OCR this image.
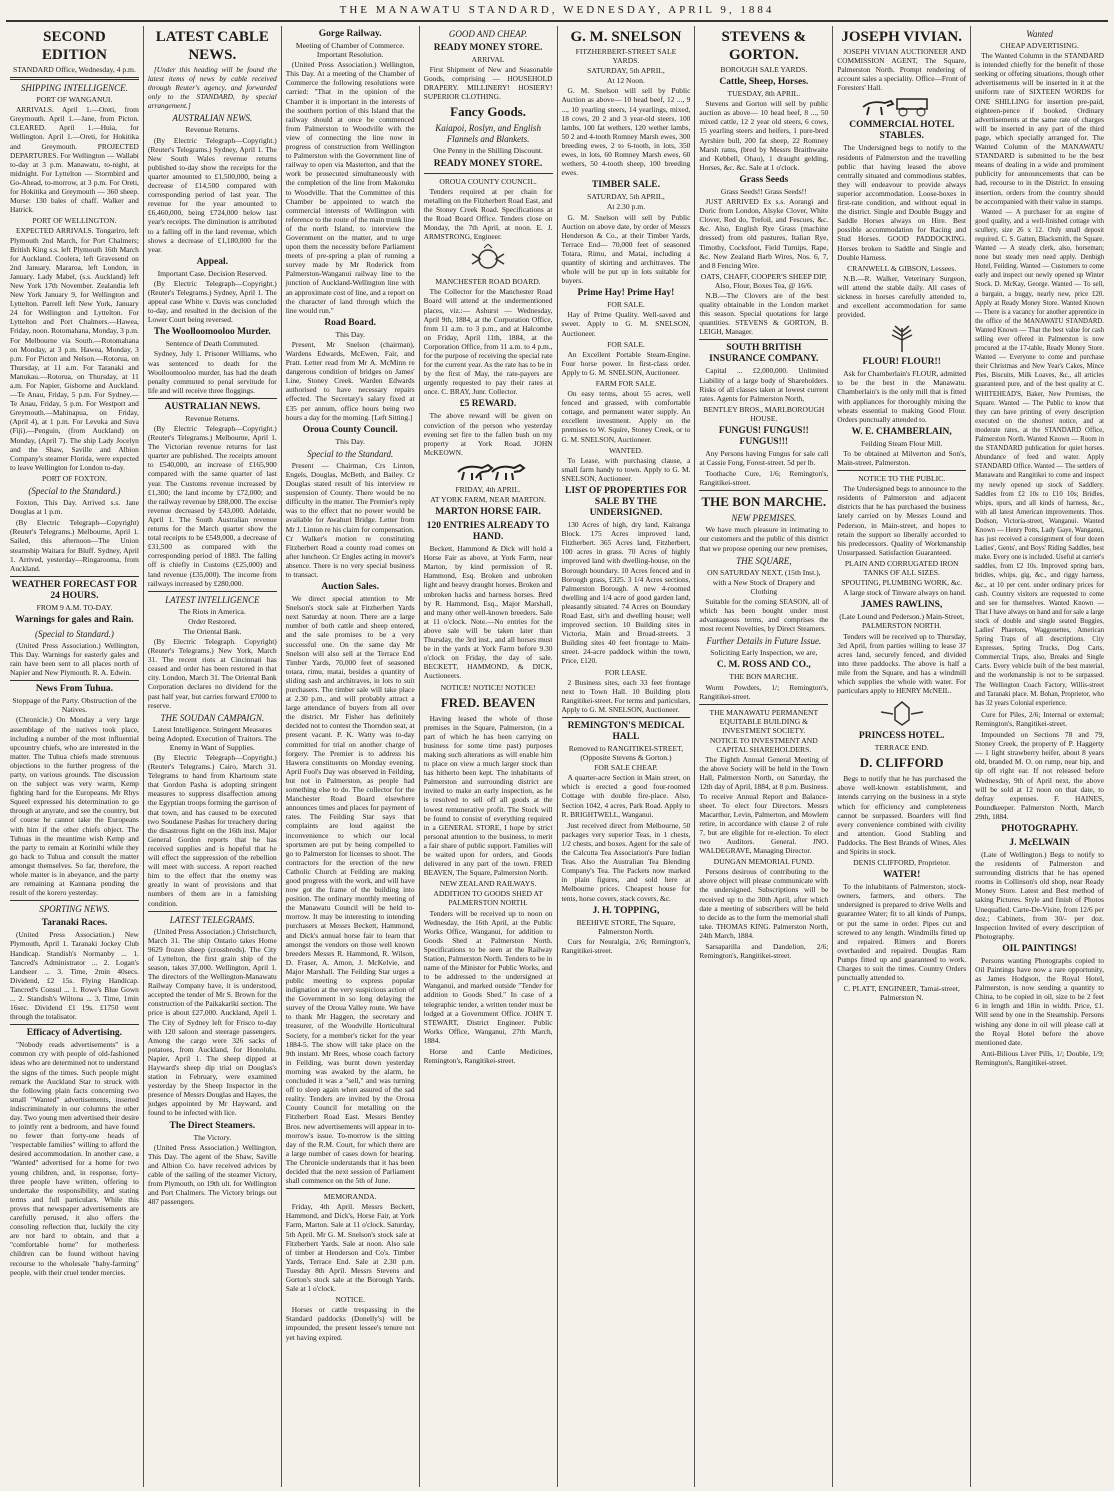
THE MANAWATU STANDARD, WEDNESDAY, APRIL 9, 1884
SECOND EDITION
STANDARD Office, Wednesday, 4 p.m.
SHIPPING INTELLIGENCE.
PORT OF WANGANUI.

ARRIVALS. April 1.—Oreti, from Greymouth. April 1.—Jane, from Picton. CLEARED. April 1.—Huia, for Wellington. April 1.—Oreti, for Hokitika and Greymouth. PROJECTED DEPARTURES. For Wellington — Wallabi to-day at 3 p.m. Manawatu, to-night, at midnight. For Lyttelton — Stormbird and Go-Ahead, to-morrow, at 3 p.m. For Oreti, for Hokitika and Greymouth — 360 sheep. Morse: 130 bales of chaff. Walker and Hatrick.

PORT OF WELLINGTON.

EXPECTED ARRIVALS. Tongariro, left Plymouth 2nd March, for Port Chalmers; British King s.s. left Plymouth 16th March for Auckland. Coolera, left Gravesend on 2nd January. Mararoa, left London, in January. Lady Mabel, (s.s. Auckland) left New York 17th November. Zealandia left New York January 9, for Wellington and Lyttelton. Parrell left New York, January 24 for Wellington and Lyttelton. For Lyttelton and Port Chalmers.—Hawea, Friday, noon. Rotomahana, Monday, 3 p.m. For Melbourne via South.—Rotomahana on Monday, at 3 p.m. Hawea, Monday, 3 p.m. For Picton and Nelson.—Rotorua, on Thursday, at 11 a.m. For Taranaki and Manukau.—Rotorua, on Thursday, at 11 a.m. For Napier, Gisborne and Auckland.—Te Anau, Friday, 5 p.m. For Sydney.—Te Anau, Friday, 5 p.m. For Westport and Greymouth.—Mahinapua, on Friday, (April 4), at 1 p.m. For Levuka and Suva (Fiji).—Penguin, (from Auckland) on Monday, (April 7). The ship Lady Jocelyn and the Shaw, Saville and Albion Company's steamer Florida, were expected to leave Wellington for London to-day.

PORT OF FOXTON.
(Special to the Standard.)

Foxton, This Day. Arrived s.s. Jane Douglas at 1 p.m.

(By Electric Telegraph—Copyright) (Reuter's Telegrams.) Melbourne, April 1. Sailed, this afternoon—The Union steamship Waitara for Bluff. Sydney, April 1. Arrived, yesterday—Ringarooma, from Auckland.

WEATHER FORECAST FOR 24 HOURS.
FROM 9 A.M. TO-DAY.
Warnings for gales and Rain.
(Special to Standard.)

(United Press Association.) Wellington, This Day. Warnings for easterly gales and rain have been sent to all places north of Napier and New Plymouth. R. A. Edwin.

News From Tuhua.
Stoppage of the Party. Obstruction of the Natives.

(Chronicle.) On Monday a very large assemblage of the natives took place, including a number of the most influential upcountry chiefs, who are interested in the matter. The Tuhua chiefs made strenuous objections to the further progress of the party, on various grounds. The discussion on the subject was very warm, Kemp fighting hard for the Europeans. Mr Rhys Squeel expressed his determination to go through at anyrate, and see the country, but of course he cannot take the Europeans with him if the other chiefs object. The Tuhuas in the meantime wish Kemp and the party to remain at Korinihi while they go back to Tuhua and consult the matter amongst themselves. So far, therefore, the whole matter is in abeyance, and the party are remaining at Kannana pending the result of the korero yesterday.

SPORTING NEWS.
Taranaki Races.

(United Press Association.) New Plymouth, April 1. Taranaki Jockey Club Handicap. Standish's Normanby ... 1. Tancred's Administrator ... 2. Logan's Landseer ... 3. Time, 2min 40secs. Dividend, £2 15s. Flying Handicap. Tancred's Consul ... 1. Rowe's Blue Gown ... 2. Standish's Wiltona ... 3. Time, 1min 16sec. Dividend £1 19s. £1750 went through the totalisator.

Efficacy of Advertising.

"Nobody reads advertisements" is a common cry with people of old-fashioned ideas who are determined not to understand the signs of the times. Such people might remark the Auckland Star to struck with the following plain facts concerning two small "Wanted" advertisements, inserted indiscriminately in our columns the other day. Two young men advertised their desire to jointly rent a bedroom, and have found no fewer than forty-one heads of "respectable families" willing to afford the desired accommodation. In another case, a "Wanted" advertised for a home for two young children, and, in response, forty-three people have written, offering to undertake the responsibility, and stating terms and full particulars. While this proves that newspaper advertisements are carefully perused, it also offers the consoling reflection that, luckily the city are not hard to obtain, and that a "comfortable home" for motherless children can be found without having recourse to the wholesale "baby-farming" people, with their cruel tender mercies.

LATEST CABLE NEWS.

[Under this heading will be found the latest items of news by cable received through Reuter's agency, and forwarded only to the STANDARD, by special arrangement.]

AUSTRALIAN NEWS.
Revenue Returns.

(By Electric Telegraph—Copyright.) (Reuter's Telegrams.) Sydney, April 1. The New South Wales revenue returns published to-day show the receipts for the quarter amounted to £1,500,000, being a decrease of £14,500 compared with corresponding period of last year. The revenue for the year amounted to £6,460,000, being £724,000 below last year's receipts. The diminution is attributed to a falling off in the land revenue, which shows a decrease of £1,180,000 for the year.

Appeal.
Important Case. Decision Reserved.

(By Electric Telegraph—Copyright.) (Reuter's Telegrams.) Sydney, April 1. The appeal case White v. Davis was concluded to-day, and resulted in the decision of the Lower Court being reversed.

The Woolloomooloo Murder.
Sentence of Death Commuted.

Sydney, July 1. Prisoner Williams, who was sentenced to death for the Woolloomooloo murder, has had the death penalty commuted to penal servitude for life and will receive three floggings.

AUSTRALIAN NEWS.
Revenue Returns.

(By Electric Telegraph—Copyright.) (Reuter's Telegrams.) Melbourne, April 1. The Victorian revenue returns for last quarter are published. The receipts amount to £540,000, an increase of £165,900 compared with the same quarter of last year. The Customs revenue increased by £1,300; the land income by £72,000; and the railway revenue by £88,000. The excise revenue decreased by £43,000. Adelaide, April 1. The South Australian revenue returns for the March quarter show the total receipts to be £549,000, a decrease of £31,500 as compared with the corresponding period of 1883. The falling off is chiefly in Customs (£25,000) and land revenue (£35,000). The income from railways increased by £280,000.

LATEST INTELLIGENCE
The Riots in America.
Order Restored.
The Oriental Bank.

(By Electric Telegraph. Copyright) (Reuter's Telegrams.) New York, March 31. The recent riots at Cincinnati has ceased and order has been restored in that city. London, March 31. The Oriental Bank Corporation declares no dividend for the past half year, but carries forward £7000 to reserve.

THE SOUDAN CAMPAIGN.
Latest Intelligence. Stringent Measures being Adopted. Execution of Traitors. The Enemy in Want of Supplies.

(By Electric Telegraph—Copyright.) (Reuter's Telegrams.) Cairo, March 31. Telegrams to hand from Khartoum state that Gordon Pasha is adopting stringent measures to suppress disaffection among the Egyptian troops forming the garrison of that town, and has caused to be executed two Soudanese Pashas for treachery during the disastrous fight on the 16th inst. Major General Gordon reports that he has received supplies and is hopeful that he will effect the suppression of the rebellion will meet with success. A report reached him to the effect that the enemy was greatly in want of provisions and that numbers of them are in a famishing condition.

LATEST TELEGRAMS.

(United Press Association.) Christchurch, March 31. The ship Ontario takes Home 9629 frozen sheep (crossbreds). The City of Lyttelton, the first grain ship of the season, takes 37,000. Wellington, April 1. The directors of the Wellington-Manawatu Railway Company have, it is understood, accepted the tender of Mr S. Brown for the construction of the Paikakariki section. The price is about £27,000. Auckland, April 1. The City of Sydney left for Frisco to-day with 120 saloon and steerage passengers. Among the cargo were 326 sacks of potatoes, from Auckland, for Honolulu. Napier, April 1. The sheep dipped at Hayward's sheep dip trial on Douglas's station in February, were examined yesterday by the Sheep Inspector in the presence of Messrs Douglas and Hayes, the judges appointed by Mr Hayward, and found to be infected with lice.

The Direct Steamers.
The Victory.

(United Press Association.) Wellington, This Day. The agent of the Shaw, Saville and Albion Co. have received advices by cable of the sailing of the steamer Victory, from Plymouth, on 19th ult. for Wellington and Port Chalmers. The Victory brings out 487 passengers.

Gorge Railway.
Meeting of Chamber of Commerce. Important Resolution.

(United Press Association.) Wellington, This Day. At a meeting of the Chamber of Commerce the following resolutions were carried: "That in the opinion of the Chamber it is important in the interests of the southern portion of this Island that the railway should at once be commenced from Palmerston to Woodville with the view of connecting the line now in progress of construction from Wellington to Palmerston with the Government line of railway to open via Masterton, and that the work be prosecuted simultaneously with the completion of the line from Makotuku to Woodville. That the Committee of this Chamber be appointed to watch the commercial interests of Wellington with reference to the route of the main trunk line of the north Island, to interview the Government on the matter, and to urge upon them the necessity before Parliament meets of pre-spring a plan of running a survey made by Mr Roderick from Palmerston-Wanganui railway line to the junction of Auckland-Wellington line with an approximate cost of line, and a report on the character of land through which the line would run."

Road Board.
This Day.

Present, Mr Snelson (chairman), Wardens Edwards, McEwen, Fair, and Pratt. Letter read from Mr A. McMinn re dangerous condition of bridges on James' Line, Stoney Creek. Warden Edwards authorised to have necessary repairs effected. The Secretary's salary fixed at £35 per annum, office hours being two hours a day for the morning. [Left Sitting.]

Oroua County Council.
This Day.
Special to the Standard.

Present — Chairman, Crs Linton, Engels, Douglas, McBeth, and Bailey. Cr Douglas stated result of his interview re suspension of County. There would be no difficulty in the matter. The Premier's reply was to the effect that no power would be available for Awahuri Bridge. Letter from Mr J. Linton re his claim for compensation. Cr Walker's motion re constituting Fitzherbert Road a county road comes on after luncheon. Cr Engles acting in mover's absence. There is no very special business to transact.

Auction Sales.

We direct special attention to Mr Snelson's stock sale at Fitzherbert Yards next Saturday at noon. There are a large number of both cattle and sheep entered, and the sale promises to be a very successful one. On the same day Mr Snelson will also sell at the Terrace End Timber Yards, 70,000 feet of seasoned totara, rimu, matai, besides a quantity of sliding sash and architraves, in lots to suit purchasers. The timber sale will take place at 2.30 p.m., and will probably attract a large attendance of buyers from all over the district. Mr Fisher has definitely decided not to contest the Thorndon seat, at present vacant. P. K. Watty was to-day committed for trial on another charge of forgery. The Premier is to address his Hawera constituents on Monday evening. April Fool's Day was observed in Feilding, but not in Palmerston, as people had something else to do. The collector for the Manchester Road Board elsewhere announces times and places for payment of rates. The Feilding Star says that complaints are loud against the inconvenience to which our local sportsmen are put by being compelled to go to Palmerston for licenses to shoot. The contractors for the erection of the new Catholic Church at Feilding are making good progress with the work, and will have now got the frame of the building into position. The ordinary monthly meeting of the Manawatu Council will be held to-morrow. It may be interesting to intending purchasers at Messrs Beckett, Hammond, and Dick's annual horse fair to learn that amongst the vendors on those well known breeders Messrs R. Hammond, R. Wilson, D. Fraser, A. Amon, J. McKelvie, and Major Marshall. The Feilding Star urges a public meeting to express popular indignation at the very suspicious action of the Government in so long delaying the survey of the Oroua Valley route. We have to thank Mr Haggen, the secretary and treasurer, of the Woodville Horticultural Society, for a member's ticket for the year 1884-5. The show will take place on the 9th instant. Mr Rees, whose coach factory in Feilding, was burnt down yesterday morning was awaked by the alarm, he concluded it was a "sell," and was turning off to sleep again when assured of the sad reality. Tenders are invited by the Oroua County Council for metalling on the Fitzherbert Road East. Messrs Bentley Bros. new advertisements will appear in to-morrow's issue. To-morrow is the sitting day of the R.M. Court, for which there are a large number of cases down for hearing. The Chronicle understands that it has been decided that the next session of Parliament shall commence on the 5th of June.

MEMORANDA.

Friday, 4th April. Messrs Beckett, Hammond, and Dick's, Horse Fair, at York Farm, Marton. Sale at 11 o'clock. Saturday, 5th April. Mr G. M. Snelson's stock sale at Fitzherbert Yards. Sale at noon. Also sale of timber at Henderson and Co's. Timber Yards, Terrace End. Sale at 2.30 p.m. Tuesday 8th April. Messrs Stevens and Gorton's stock sale at the Borough Yards. Sale at 1 o'clock.

NOTICE.

Horses or cattle trespassing in the Standard paddocks (Donelly's) will be impounded, the present lessee's tenure not yet having expired.

GOOD AND CHEAP.
READY MONEY STORE.
ARRIVAL

First Shipment of New and Seasonable Goods, comprising — HOUSEHOLD DRAPERY. MILLINERY! HOSIERY! SUPERIOR CLOTHING.

Fancy Goods.
Kaiapoi, Roslyn, and English Flannels and Blankets.
One Penny in the Shilling Discount.
READY MONEY STORE.
OROUA COUNTY COUNCIL.

Tenders required at per chain for metalling on the Fitzherbert Road East, and the Stoney Creek Road. Specifications at the Road Board Office. Tenders close on Monday, the 7th April, at noon. E. J. ARMSTRONG, Engineer.

MANCHESTER ROAD BOARD.

The Collector for the Manchester Road Board will attend at the undermentioned places, viz.:— Ashurst — Wednesday, April 9th, 1884, at the Corporation Office, from 11 a.m. to 3 p.m., and at Halcombe on Friday, April 11th, 1884, at the Corporation Office, from 11 a.m. to 4 p.m., for the purpose of receiving the special rate for the current year. As the rate has to be in by the first of May, the rate-payers are urgently requested to pay their rates at once. C. BRAY, Junr. Collector.

£5 REWARD.

The above reward will be given on conviction of the person who yesterday evening set fire to the fallen bush on my property at York Road. JOHN McKEOWN.

FRIDAY, 4th APRIL.
AT YORK FARM, NEAR MARTON.
MARTON HORSE FAIR.
120 ENTRIES ALREADY TO HAND.

Beckett, Hammond & Dick will hold a Horse Fair as above, at York Farm, near Marton, by kind permission of R. Hammond, Esq. Broken and unbroken light and heavy draught horses. Broken and unbroken hacks and harness horses. Bred by R. Hammond, Esq., Major Marshall, and many other well-known breeders. Sale at 11 o'clock. Note.—No entries for the above sale will be taken later than Thursday, the 3rd inst., and all horses must be in the yards at York Farm before 9.30 o'clock on Friday, the day of sale. BECKETT, HAMMOND, & DICK, Auctioneers.

NOTICE! NOTICE! NOTICE!
FRED. BEAVEN

Having leased the whole of those premises in the Square, Palmerston, (in a part of which he has been carrying on business for some time past) purposes making such alterations as will enable him to place on view a much larger stock than has hitherto been kept. The inhabitants of Palmerston and surrounding district are invited to make an early inspection, as he is resolved to sell off all goods at the lowest remunerative profit. The Stock will be found to consist of everything required in a GENERAL STORE, I hope by strict personal attention to the business, to merit a fair share of public support. Families will be waited upon for orders, and Goods delivered in any part of the town. FRED BEAVEN, The Square, Palmerston North.

NEW ZEALAND RAILWAYS.
ADDITION TO GOODS SHED AT PALMERSTON NORTH.

Tenders will be received up to noon on Wednesday, the 16th April, at the Public Works Office, Wanganui, for addition to Goods Shed at Palmerston North. Specifications to be seen at the Railway Station, Palmerston North. Tenders to be in name of the Minister for Public Works, and to be addressed to the undersigned at Wanganui, and marked outside "Tender for addition to Goods Shed." In case of a telegraphic tender, a written tender must be lodged at a Government Office. JOHN T. STEWART, District Engineer. Public Works Office, Wanganui, 27th March, 1884.

Horse and Cattle Medicines, Remington's, Rangitikei-street.

G. M. SNELSON
FITZHERBERT-STREET SALE YARDS.
SATURDAY, 5th APRIL,
At 12 Noon.

G. M. Snelson will sell by Public Auction as above— 10 head beef, 12 ..., 9 ..., 10 yearling steers, 14 yearlings, mixed, 18 cows, 20 2 and 3 year-old steers, 100 lambs, 100 fat wethers, 120 wether lambs, 50 2 and 4-tooth Romney Marsh ewes, 300 breeding ewes, 2 to 6-tooth, in lots, 350 ewes, in lots, 60 Romney Marsh ewes, 60 wethers, 50 4-tooth sheep, 100 breeding ewes.

TIMBER SALE.
SATURDAY, 5th APRIL,
At 2.30 p.m.

G. M. Snelson will sell by Public Auction on above date, by order of Messrs Henderson & Co., at their Timber Yards, Terrace End— 70,000 feet of seasoned Totara, Rimu, and Matai, including a quantity of skirting and architraves. The whole will be put up in lots suitable for buyers.

Prime Hay! Prime Hay!
FOR SALE.

Hay of Prime Quality. Well-saved and sweet. Apply to G. M. SNELSON, Auctioneer.

FOR SALE.

An Excellent Portable Steam-Engine. Four horse power. In first-class order. Apply to G. M. SNELSON, Auctioneer.

FARM FOR SALE.

On easy terms, about 55 acres, well fenced and grassed, with comfortable cottage, and permanent water supply. An excellent investment. Apply on the premises to W. Squire, Stoney Creek, or to G. M. SNELSON, Auctioneer.

WANTED.

To Lease, with purchasing clause, a small farm handy to town. Apply to G. M. SNELSON, Auctioneer.

LIST OF PROPERTIES FOR SALE BY THE UNDERSIGNED.

130 Acres of high, dry land, Kairanga Block. 175 Acres improved land, Fitzherbert. 365 Acres land, Fitzherbert, 100 acres in grass. 70 Acres of highly improved land with dwelling-house, on the Borough boundary. 10 Acres fenced and in Borough grass, £325. 3 1/4 Acres sections, Palmerston Borough. A new 4-roomed dwelling and 1/4 acre of good garden land, pleasantly situated. 74 Acres on Boundary Road East, sit'n and dwelling house; well improved section. 10 Building sites in Victoria, Main and Broad-streets. 3 Building sites 40 feet frontage to Main-street. 24-acre paddock within the town, Price, £120.

FOR LEASE.

2 Business sites, each 33 feet frontage next to Town Hall. 10 Building plots Rangitikei-street. For terms and particulars, Apply to G. M. SNELSON, Auctioneer.

REMINGTON'S MEDICAL HALL
Removed to RANGITIKEI-STREET, (Opposite Stevens & Gorton.)
FOR SALE CHEAP.

A quarter-acre Section in Main street, on which is erected a good four-roomed Cottage with double fire-place. Also, Section 1042, 4 acres, Park Road. Apply to R. BRIGHTWELL, Wanganui.

Just received direct from Melbourne, 50 packages very superior Teas, in 1 chests, 1/2 chests, and boxes. Agent for the sale of the Calcutta Tea Association's Pure Indian Teas. Also the Australian Tea Blending Company's Tea. The Packets now marked in plain figures, and sold here at Melbourne prices. Cheapest house for tents, horse covers, stack covers, &c.

J. H. TOPPING,
BEEHIVE STORE, The Square, Palmerston North.

Curs for Neuralgia, 2/6; Remington's, Rangitikei-street.

STEVENS & GORTON.
BOROUGH SALE YARDS.
Cattle, Sheep, Horses.
TUESDAY, 8th APRIL.

Stevens and Gorton will sell by public auction as above— 10 head beef, 8 ..., 50 mixed cattle, 12 2 year old steers, 6 cows, 15 yearling steers and heifers, 1 pure-bred Ayrshire bull, 200 fat sheep, 22 Romney Marsh rams, (bred by Messrs Braithwaite and Kebbell, Ohau), 1 draught gelding, Horses, &c. &c. Sale at 1 o'clock.

Grass Seeds
Grass Seeds!! Grass Seeds!!

JUST ARRIVED Ex s.s. Aorangi and Doric from London, Alsyke Clover, White Clover, Red do, Trefoil, and Fescues, &c. &c. Also, English Rye Grass (machine dressed) from old pastures, Italian Rye, Timothy, Cocksfoot, Field Turnips, Rape, &c. New Zealand Barb Wires, Nos. 6, 7, and 8 Fencing Wire.

OATS, CHAFF, COOPER'S SHEEP DIP, Also, Flour, Boxes Tea, @ 16/6.

N.B.—The Clovers are of the best quality obtainable in the London market this season. Special quotations for large quantities. STEVENS & GORTON, B. LEIGH, Manager.

SOUTH BRITISH INSURANCE COMPANY.

Capital ... £2,000,000. Unlimited Liability of a large body of Shareholders. Risks of all classes taken at lowest current rates. Agents for Palmerston North,

BENTLEY BROS., MARLBOROUGH HOUSE.
FUNGUS! FUNGUS!! FUNGUS!!!

Any Persons having Fungus for sale call at Cassie Fong, Forest-street. 5d per lb.

Toothache Cure, 1/6; Remington's, Rangitikei-street.

THE BON MARCHE.
NEW PREMISES.

We have much pleasure in intimating to our customers and the public of this district that we propose opening our new premises,

THE SQUARE,
ON SATURDAY NEXT, (15th Inst.),
with a New Stock of Drapery and Clothing

Suitable for the coming SEASON, all of which has been bought under most advantageous terms, and comprises the most recent Novelties, by Direct Steamers.

Further Details in Future Issue.
Soliciting Early Inspection, we are,
C. M. ROSS AND CO.,
THE BON MARCHE.

Worm Powders, 1/; Remington's, Rangitikei-street.

THE MANAWATU PERMANENT EQUITABLE BUILDING & INVESTMENT SOCIETY.
NOTICE TO INVESTMENT AND CAPITAL SHAREHOLDERS.

The Eighth Annual General Meeting of the above Society will be held in the Town Hall, Palmerston North, on Saturday, the 12th day of April, 1884, at 8 p.m. Business. To receive Annual Report and Balance-sheet. To elect four Directors. Messrs Macarthur, Levin, Palmerton, and Mowlem retire, in accordance with clause 2 of rule 7, but are eligible for re-election. To elect two Auditors. General. JNO. WALDEGRAVE, Managing Director.

DUNGAN MEMORIAL FUND.

Persons desirous of contributing to the above object will please communicate with the undersigned. Subscriptions will be received up to the 30th April, after which date a meeting of subscribers will be held to decide as to the form the memorial shall take. THOMAS KING. Palmerston North, 24th March, 1884.

Sarsaparilla and Dandelion, 2/6; Remington's, Rangitikei-street.

JOSEPH VIVIAN.

JOSEPH VIVIAN AUCTIONEER AND COMMISSION AGENT, The Square, Palmerston North. Prompt rendering of account sales a speciality. Office—Front of Foresters' Hall.

COMMERCIAL HOTEL STABLES.

The Undersigned begs to notify to the residents of Palmerston and the travelling public that having leased the above centrally situated and commodious stables, they will endeavour to provide always superior accommodation. Loose-boxes in first-rate condition, and without equal in the district. Single and Double Buggy and Saddle Horses always on Hire. Best possible accommodation for Racing and Stud Horses. GOOD PADDOCKING. Horses broken to Saddle and Single and Double Harness.

CRANWELL & GIBSON, Lessees.

N.B.—R. Walker, Veterinary Surgeon, will attend the stable daily. All cases of sickness in horses carefully attended to, and excellent accommodation for same provided.

FLOUR! FLOUR!!

Ask for Chamberlain's FLOUR, admitted to be the best in the Manawatu. Chamberlain's is the only mill that is fitted with appliances for thoroughly mixing the wheats essential to making Good Flour. Orders punctually attended to.

W. E. CHAMBERLAIN,
Feilding Steam Flour Mill.

To be obtained at Milverton and Son's, Main-street, Palmerston.

NOTICE TO THE PUBLIC.

The Undersigned begs to announce to the residents of Palmerston and adjacent districts that he has purchased the business lately carried on by Messrs Lound and Pederson, in Main-street, and hopes to retain the support so liberally accorded to his predecessors. Quality of Workmanship Unsurpassed. Satisfaction Guaranteed.

PLAIN AND CORRUGATED IRON TANKS OF ALL SIZES.
SPOUTING, PLUMBING WORK, &c.

A large stock of Tinware always on hand.

JAMES RAWLINS,
(Late Lound and Pederson.) Main-Street, PALMERSTON NORTH.

Tenders will be received up to Thursday, 3rd April, from parties willing to lease 37 acres land, securely fenced, and divided into three paddocks. The above is half a mile from the Square, and has a windmill which supplies the whole with water. For particulars apply to HENRY McNEIL.

PRINCESS HOTEL.
TERRACE END.
D. CLIFFORD

Begs to notify that he has purchased the above well-known establishment, and intends carrying on the business in a style which for efficiency and completeness cannot be surpassed. Boarders will find every convenience combined with civility and attention. Good Stabling and Paddocks. The Best Brands of Wines, Ales and Spirits in stock.

DENIS CLIFFORD, Proprietor.
WATER!

To the inhabitants of Palmerston, stock-owners, farmers, and others. The undersigned is prepared to drive Wells and guarantee Water; fit to all kinds of Pumps, or put the same in order. Pipes cut and screwed to any length. Windmills fitted up and repaired. Rimers and Borers overhauled and repaired. Douglas Ram Pumps fitted up and guaranteed to work. Charges to suit the times. Country Orders punctually attended to.

C. PLATT, ENGINEER, Tamai-street, Palmerston N.
Wanted
CHEAP ADVERTISING.

The Wanted Column in the STANDARD is intended chiefly for the benefit of those seeking or offering situations, though other advertisements will be inserted in it at the uniform rate of SIXTEEN WORDS for ONE SHILLING for insertion pre-paid, eighteen-pence if booked. Ordinary advertisements at the same rate of charges will be inserted in any part of the third page, which specially arranged for. The Wanted Column of the MANAWATU STANDARD is submitted to be the best means of dealing in a wide and prominent publicity for announcements that can be had, recourse to in the District. In ensuing insertion, orders from the country should be accompanied with their value in stamps.

Wanted — A purchaser for an engine of good quality, and a well-finished cottage with scullery, size 26 x 12. Only small deposit required. C. S. Gatten, Blacksmith, the Square. Wanted — A steady clerk, also, horseman; none but steady men need apply. Denbigh Hotel, Feilding. Wanted — Customers to come early and inspect our newly opened up Winter Stock. D. McKay, George. Wanted — To sell, a bargain, a buggy, nearly new, price £20. Apply at Ready Money Store. Wanted Known — There is a vacancy for another apprentice in the office of the MANAWATU STANDARD. Wanted Known — That the best value for cash selling ever offered in Palmerston is now procured at the 17-table, Ready Money Store. Wanted — Everyone to come and purchase their Christmas and New Year's Cakes, Mince Pies, Biscuits, Milk Loaves, &c., all articles guaranteed pure, and of the best quality at C. WHITEHEAD'S, Baker, New Premises, the Square. Wanted — The Public to know that they can have printing of every description executed on the shortest notice, and at moderate rates, at the STANDARD Office, Palmerston North. Wanted Known — Room in the STANDARD publication for quiet horses. Abundance of feed and water. Apply STANDARD Office. Wanted — The settlers of Manawatu and Rangitikei to come and inspect my newly opened up stock of Saddlery. Saddles from £2 10s to £10 10s; Bridles, whips, spurs, and all kinds of harness, &c., with all latest American improvements. Thos. Dodson, Victoria-street, Wanganui. Wanted Known — Henry Potts, Lady Gaye, Wanganui, has just received a consignment of four dozen Ladies', Gents', and Boys' Riding Saddles, best make. Every one is included. Useful at carrier's saddles, from £2 10s. Improved spring bars, bridles, whips, gig, &c., and riggy harness, &c., at 10 per cent. under ordinary prices for cash. Country visitors are requested to come and see for themselves. Wanted Known — That I have always on hand and for sale a large stock of double and single seated Buggies, Ladies' Phaetons, Waggonettes, American Spring Traps of all descriptions. City Expresses, Spring Trucks, Dog Carts, Commercial Traps, also, Breaks and Single Carts. Every vehicle built of the best material, and the workmanship is not to be surpassed. The Wellington Coach Factory, Willis-street and Taranaki place. M. Bohan, Proprietor, who has 32 years Colonial experience.

Cure for Piles, 2/6; Internal or external; Remington's, Rangitikei-street.

Impounded on Sections 78 and 79, Stoney Creek, the property of P. Haggerty — 1 light strawberry heifer, about 8 years old, branded M. O. on rump, near hip, and tip off right ear. If not released before Wednesday, 9th of April next, the above will be sold at 12 noon on that date, to defray expenses. F. HAINES, Poundkeeper. Palmerston North, March 29th, 1884.

PHOTOGRAPHY.
J. McELWAIN

(Late of Wellington.) Begs to notify to the residents of Palmerston and surrounding districts that he has opened rooms in Collinson's old shop, near Ready Money Store. Latest and Best method of taking Pictures. Style and finish of Photos Unequalled. Carte-De-Visite, from 12/6 per doz.; Cabinets, from 30/- per doz. Inspection Invited of every description of Photography.

OIL PAINTINGS!

Persons wanting Photographs copied to Oil Paintings have now a rare opportunity, as James Hodgson, the Royal Hotel, Palmerston, is now sending a quantity to China, to be copied in oil, size to be 2 feet 6 in length and 18in in width. Price, £1. Will send by one in the Steamship. Persons wishing any done in oil will please call at the Royal Hotel before the above mentioned date.

Anti-Bilious Liver Pills, 1/; Double, 1/9; Remington's, Rangitikei-street.
